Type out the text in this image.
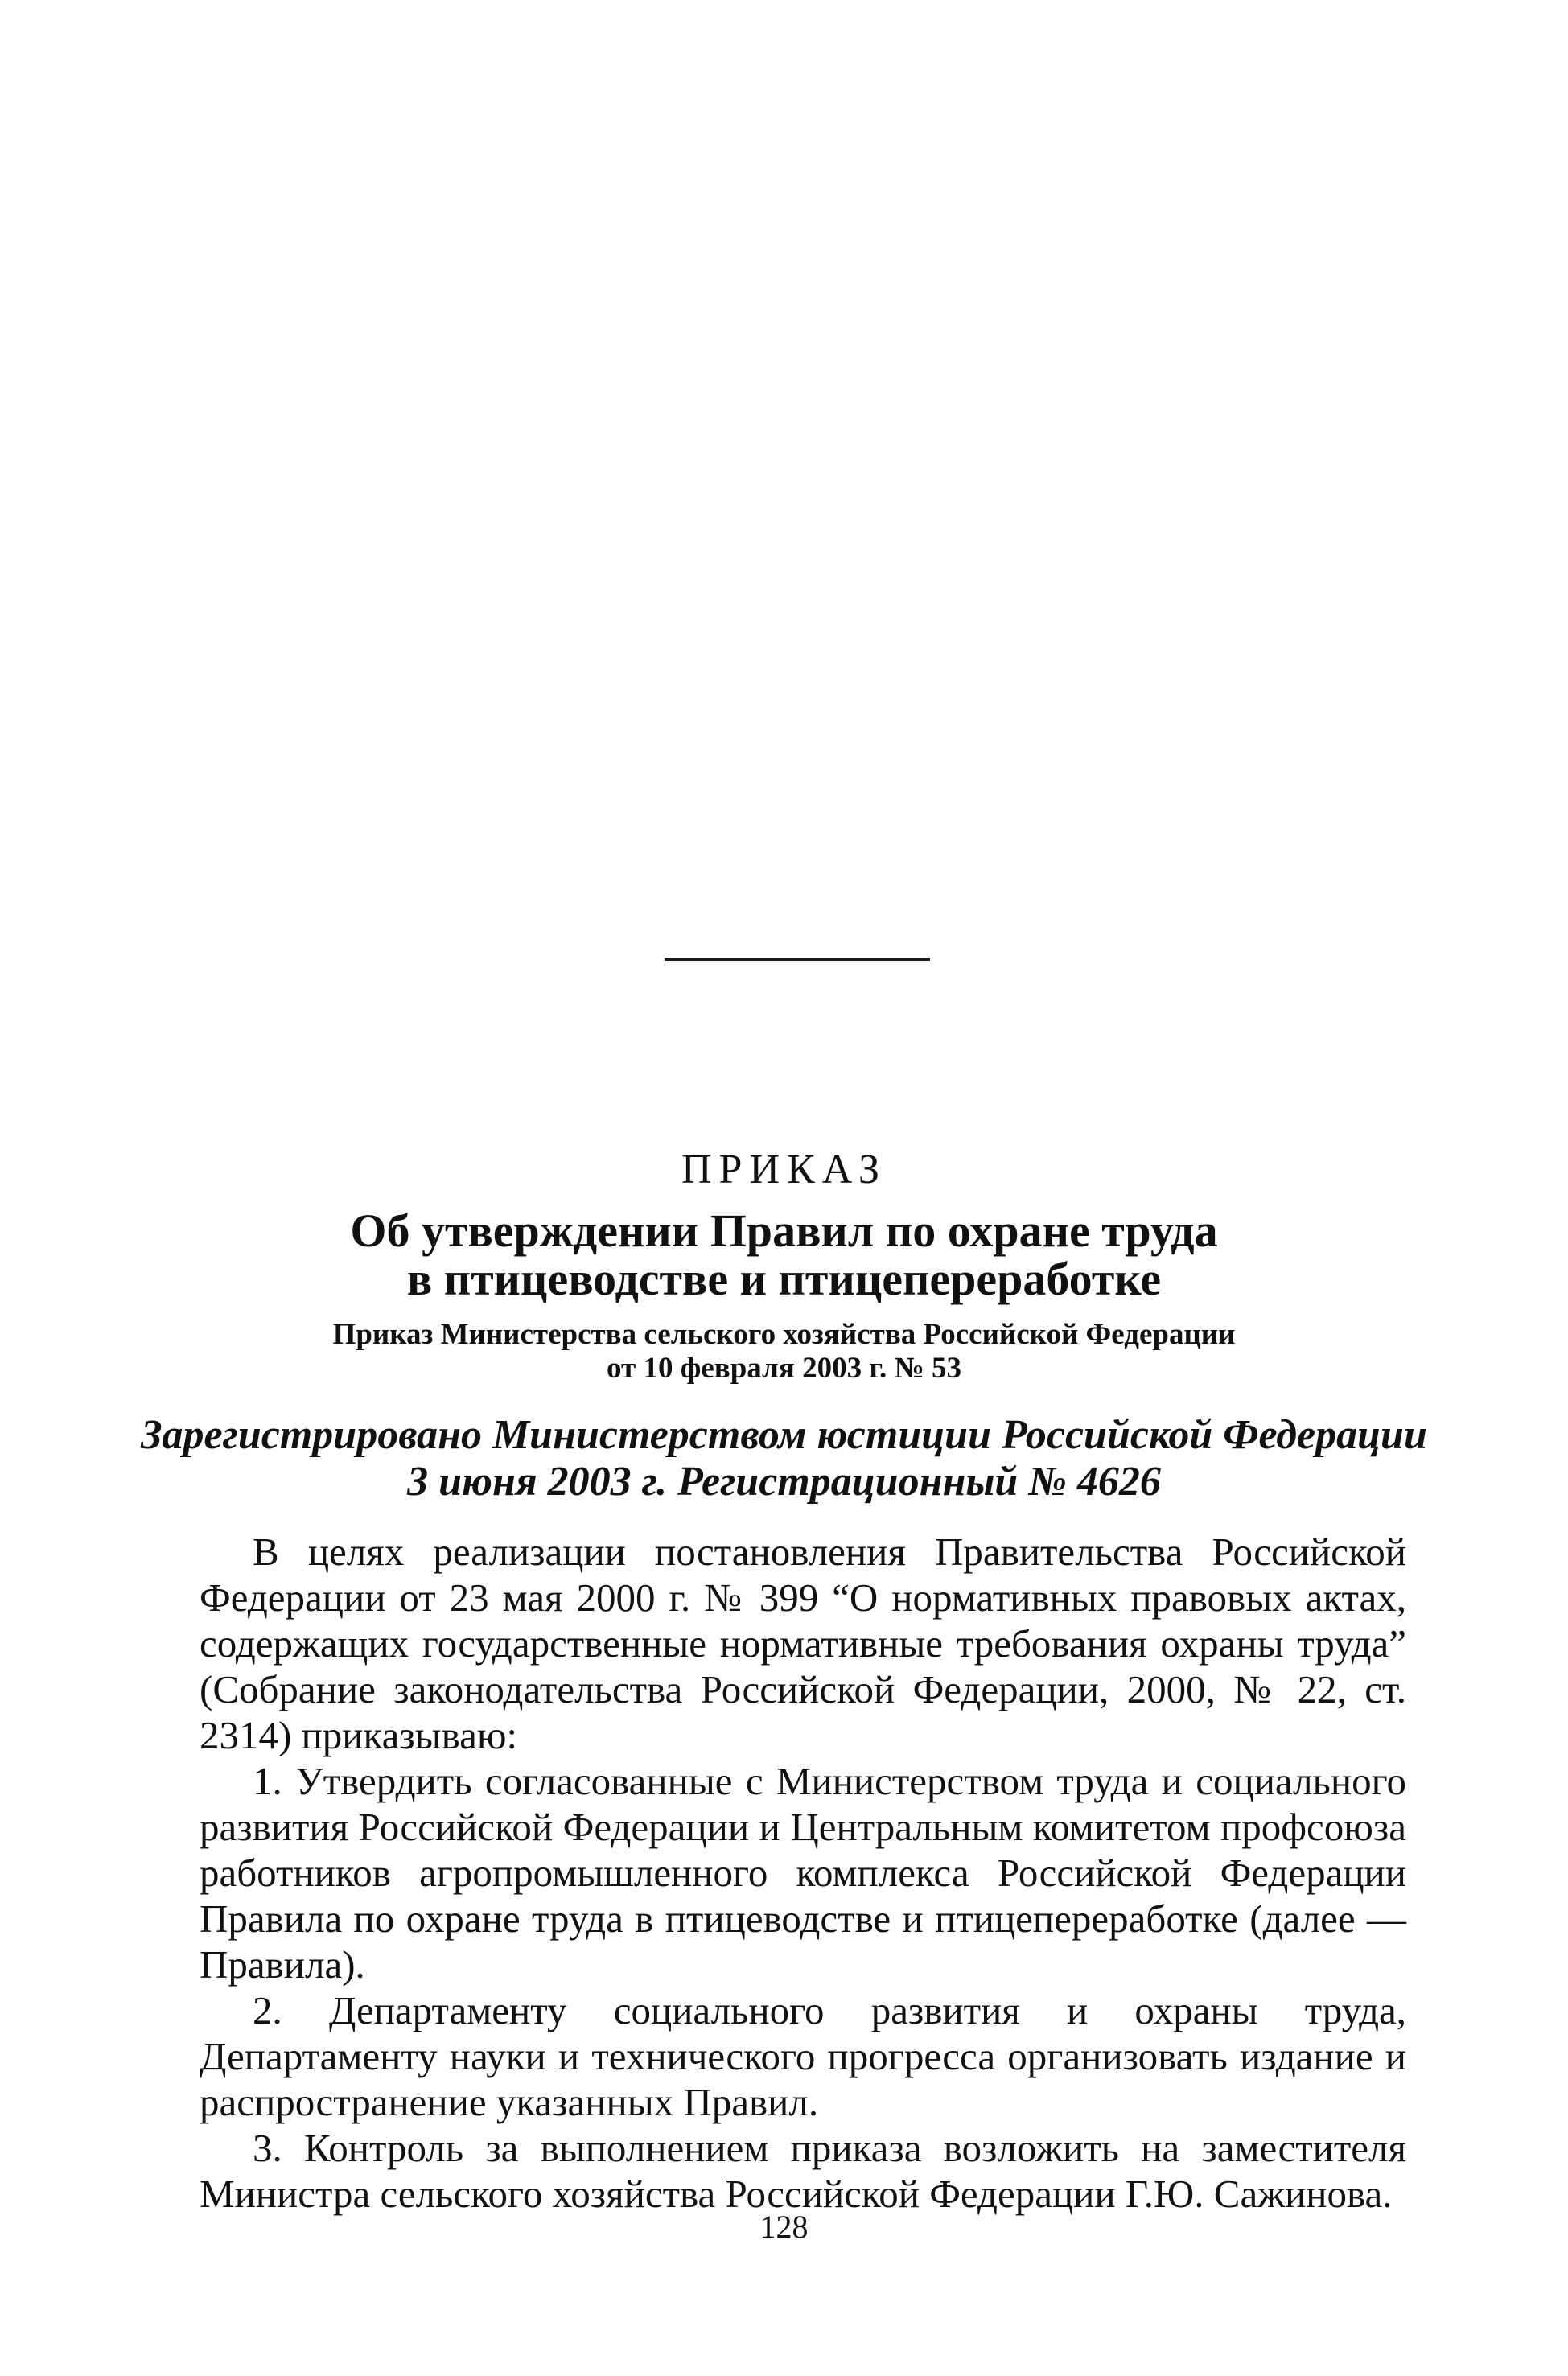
ПРИКАЗ
Об утверждении Правил по охране труда
в птицеводстве и птицепереработке
Приказ Министерства сельского хозяйства Российской Федерации
от 10 февраля 2003 г. № 53
Зарегистрировано Министерством юстиции Российской Федерации
3 июня 2003 г. Регистрационный № 4626

В целях реализации постановления Правительства Российской Федерации от 23 мая 2000 г. № 399 “О нормативных правовых актах, содержащих государственные нормативные требования охраны труда” (Собрание законодательства Российской Федерации, 2000, № 22, ст. 2314) приказываю:

1. Утвердить согласованные с Министерством труда и социального развития Российской Федерации и Центральным комитетом профсоюза работников агропромышленного комплекса Российской Федерации Правила по охране труда в птицеводстве и птицепереработке (далее — Правила).

2. Департаменту социального развития и охраны труда, Департаменту науки и технического прогресса организовать издание и распространение указанных Правил.

3. Контроль за выполнением приказа возложить на заместителя Министра сельского хозяйства Российской Федерации Г.Ю. Сажинова.

128
